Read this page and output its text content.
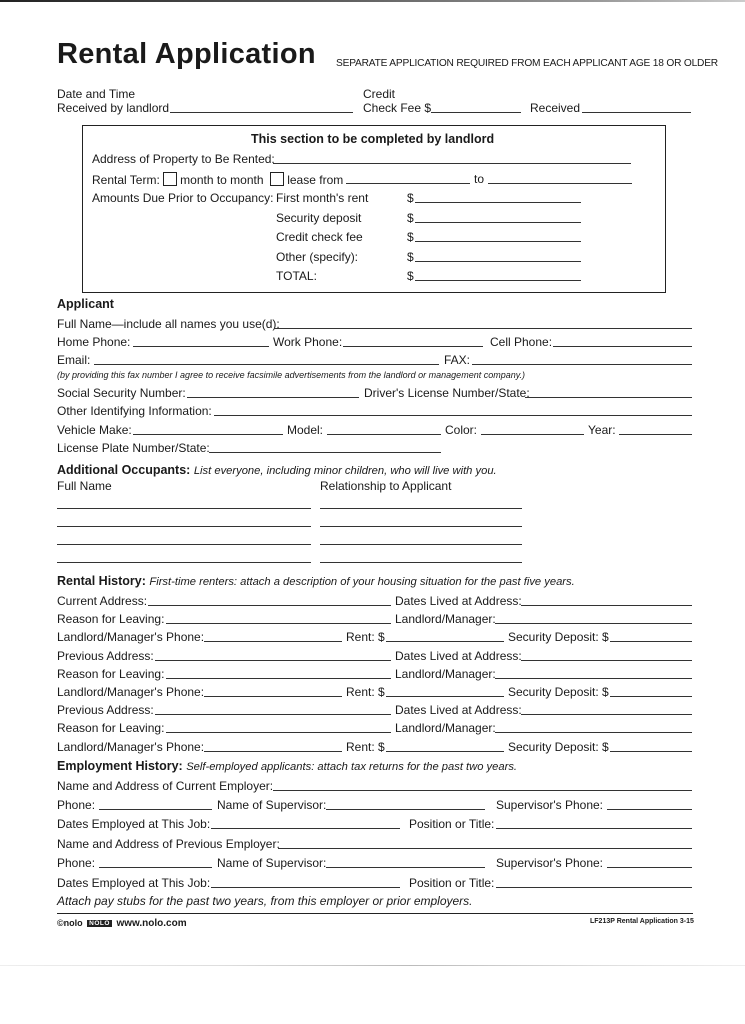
Rental Application SEPARATE APPLICATION REQUIRED FROM EACH APPLICANT AGE 18 OR OLDER
Date and Time
Received by landlord
Credit
Check Fee $	Received
This section to be completed by landlord
Address of Property to Be Rented:
Rental Term: month to month lease from	to
Amounts Due Prior to Occupancy: First month's rent	$
Security deposit	$
Credit check fee	$
Other (specify):	$
TOTAL:	$
Applicant
Full Name—include all names you use(d):
Home Phone:	Work Phone:	Cell Phone:
Email:	FAX:
(by providing this fax number I agree to receive facsimile advertisements from the landlord or management company.)
Social Security Number:	Driver's License Number/State:
Other Identifying Information:
Vehicle Make:	Model:	Color:	Year:
License Plate Number/State:
Additional Occupants: List everyone, including minor children, who will live with you.
Full Name	Relationship to Applicant
Rental History: First-time renters: attach a description of your housing situation for the past five years.
Current Address:	Dates Lived at Address:
Reason for Leaving:	Landlord/Manager:
Landlord/Manager's Phone:	Rent: $	Security Deposit: $
Previous Address:	Dates Lived at Address:
Reason for Leaving:	Landlord/Manager:
Landlord/Manager's Phone:	Rent: $	Security Deposit: $
Previous Address:	Dates Lived at Address:
Reason for Leaving:	Landlord/Manager:
Landlord/Manager's Phone:	Rent: $	Security Deposit: $
Employment History: Self-employed applicants: attach tax returns for the past two years.
Name and Address of Current Employer:
Phone:	Name of Supervisor:	Supervisor's Phone:
Dates Employed at This Job:	Position or Title:
Name and Address of Previous Employer:
Phone:	Name of Supervisor:	Supervisor's Phone:
Dates Employed at This Job:	Position or Title:
Attach pay stubs for the past two years, from this employer or prior employers.
©nolo NOLO www.nolo.com	LF213P Rental Application 3-15
